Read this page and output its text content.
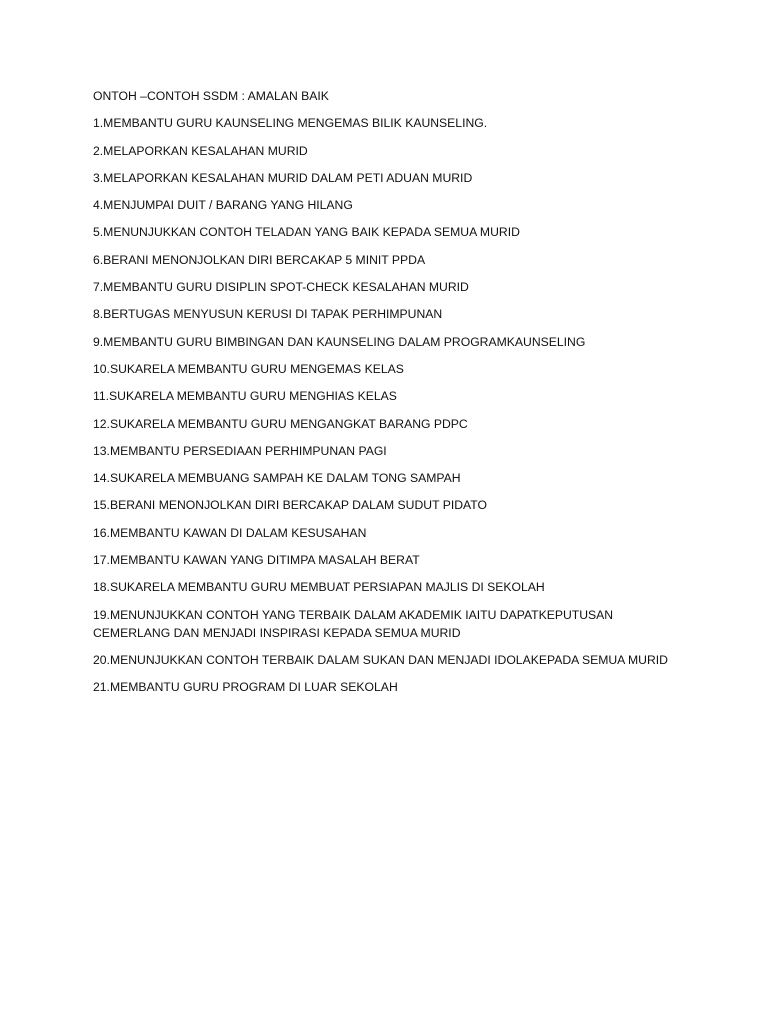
ONTOH –CONTOH SSDM : AMALAN BAIK
1.MEMBANTU GURU KAUNSELING MENGEMAS BILIK KAUNSELING.
2.MELAPORKAN KESALAHAN MURID
3.MELAPORKAN KESALAHAN MURID DALAM PETI ADUAN MURID
4.MENJUMPAI DUIT / BARANG YANG HILANG
5.MENUNJUKKAN CONTOH TELADAN YANG BAIK KEPADA SEMUA MURID
6.BERANI MENONJOLKAN DIRI BERCAKAP 5 MINIT PPDA
7.MEMBANTU GURU DISIPLIN SPOT-CHECK KESALAHAN MURID
8.BERTUGAS MENYUSUN KERUSI DI TAPAK PERHIMPUNAN
9.MEMBANTU GURU BIMBINGAN DAN KAUNSELING DALAM PROGRAMKAUNSELING
10.SUKARELA MEMBANTU GURU MENGEMAS KELAS
11.SUKARELA MEMBANTU GURU MENGHIAS KELAS
12.SUKARELA MEMBANTU GURU MENGANGKAT BARANG PDPC
13.MEMBANTU PERSEDIAAN PERHIMPUNAN PAGI
14.SUKARELA MEMBUANG SAMPAH KE DALAM TONG SAMPAH
15.BERANI MENONJOLKAN DIRI BERCAKAP DALAM SUDUT PIDATO
16.MEMBANTU KAWAN DI DALAM KESUSAHAN
17.MEMBANTU KAWAN YANG DITIMPA MASALAH BERAT
18.SUKARELA MEMBANTU GURU MEMBUAT PERSIAPAN MAJLIS DI SEKOLAH
19.MENUNJUKKAN CONTOH YANG TERBAIK DALAM AKADEMIK IAITU DAPATKEPUTUSAN CEMERLANG DAN MENJADI INSPIRASI KEPADA SEMUA MURID
20.MENUNJUKKAN CONTOH TERBAIK DALAM SUKAN DAN MENJADI IDOLAKEPADA SEMUA MURID
21.MEMBANTU GURU PROGRAM DI LUAR SEKOLAH
